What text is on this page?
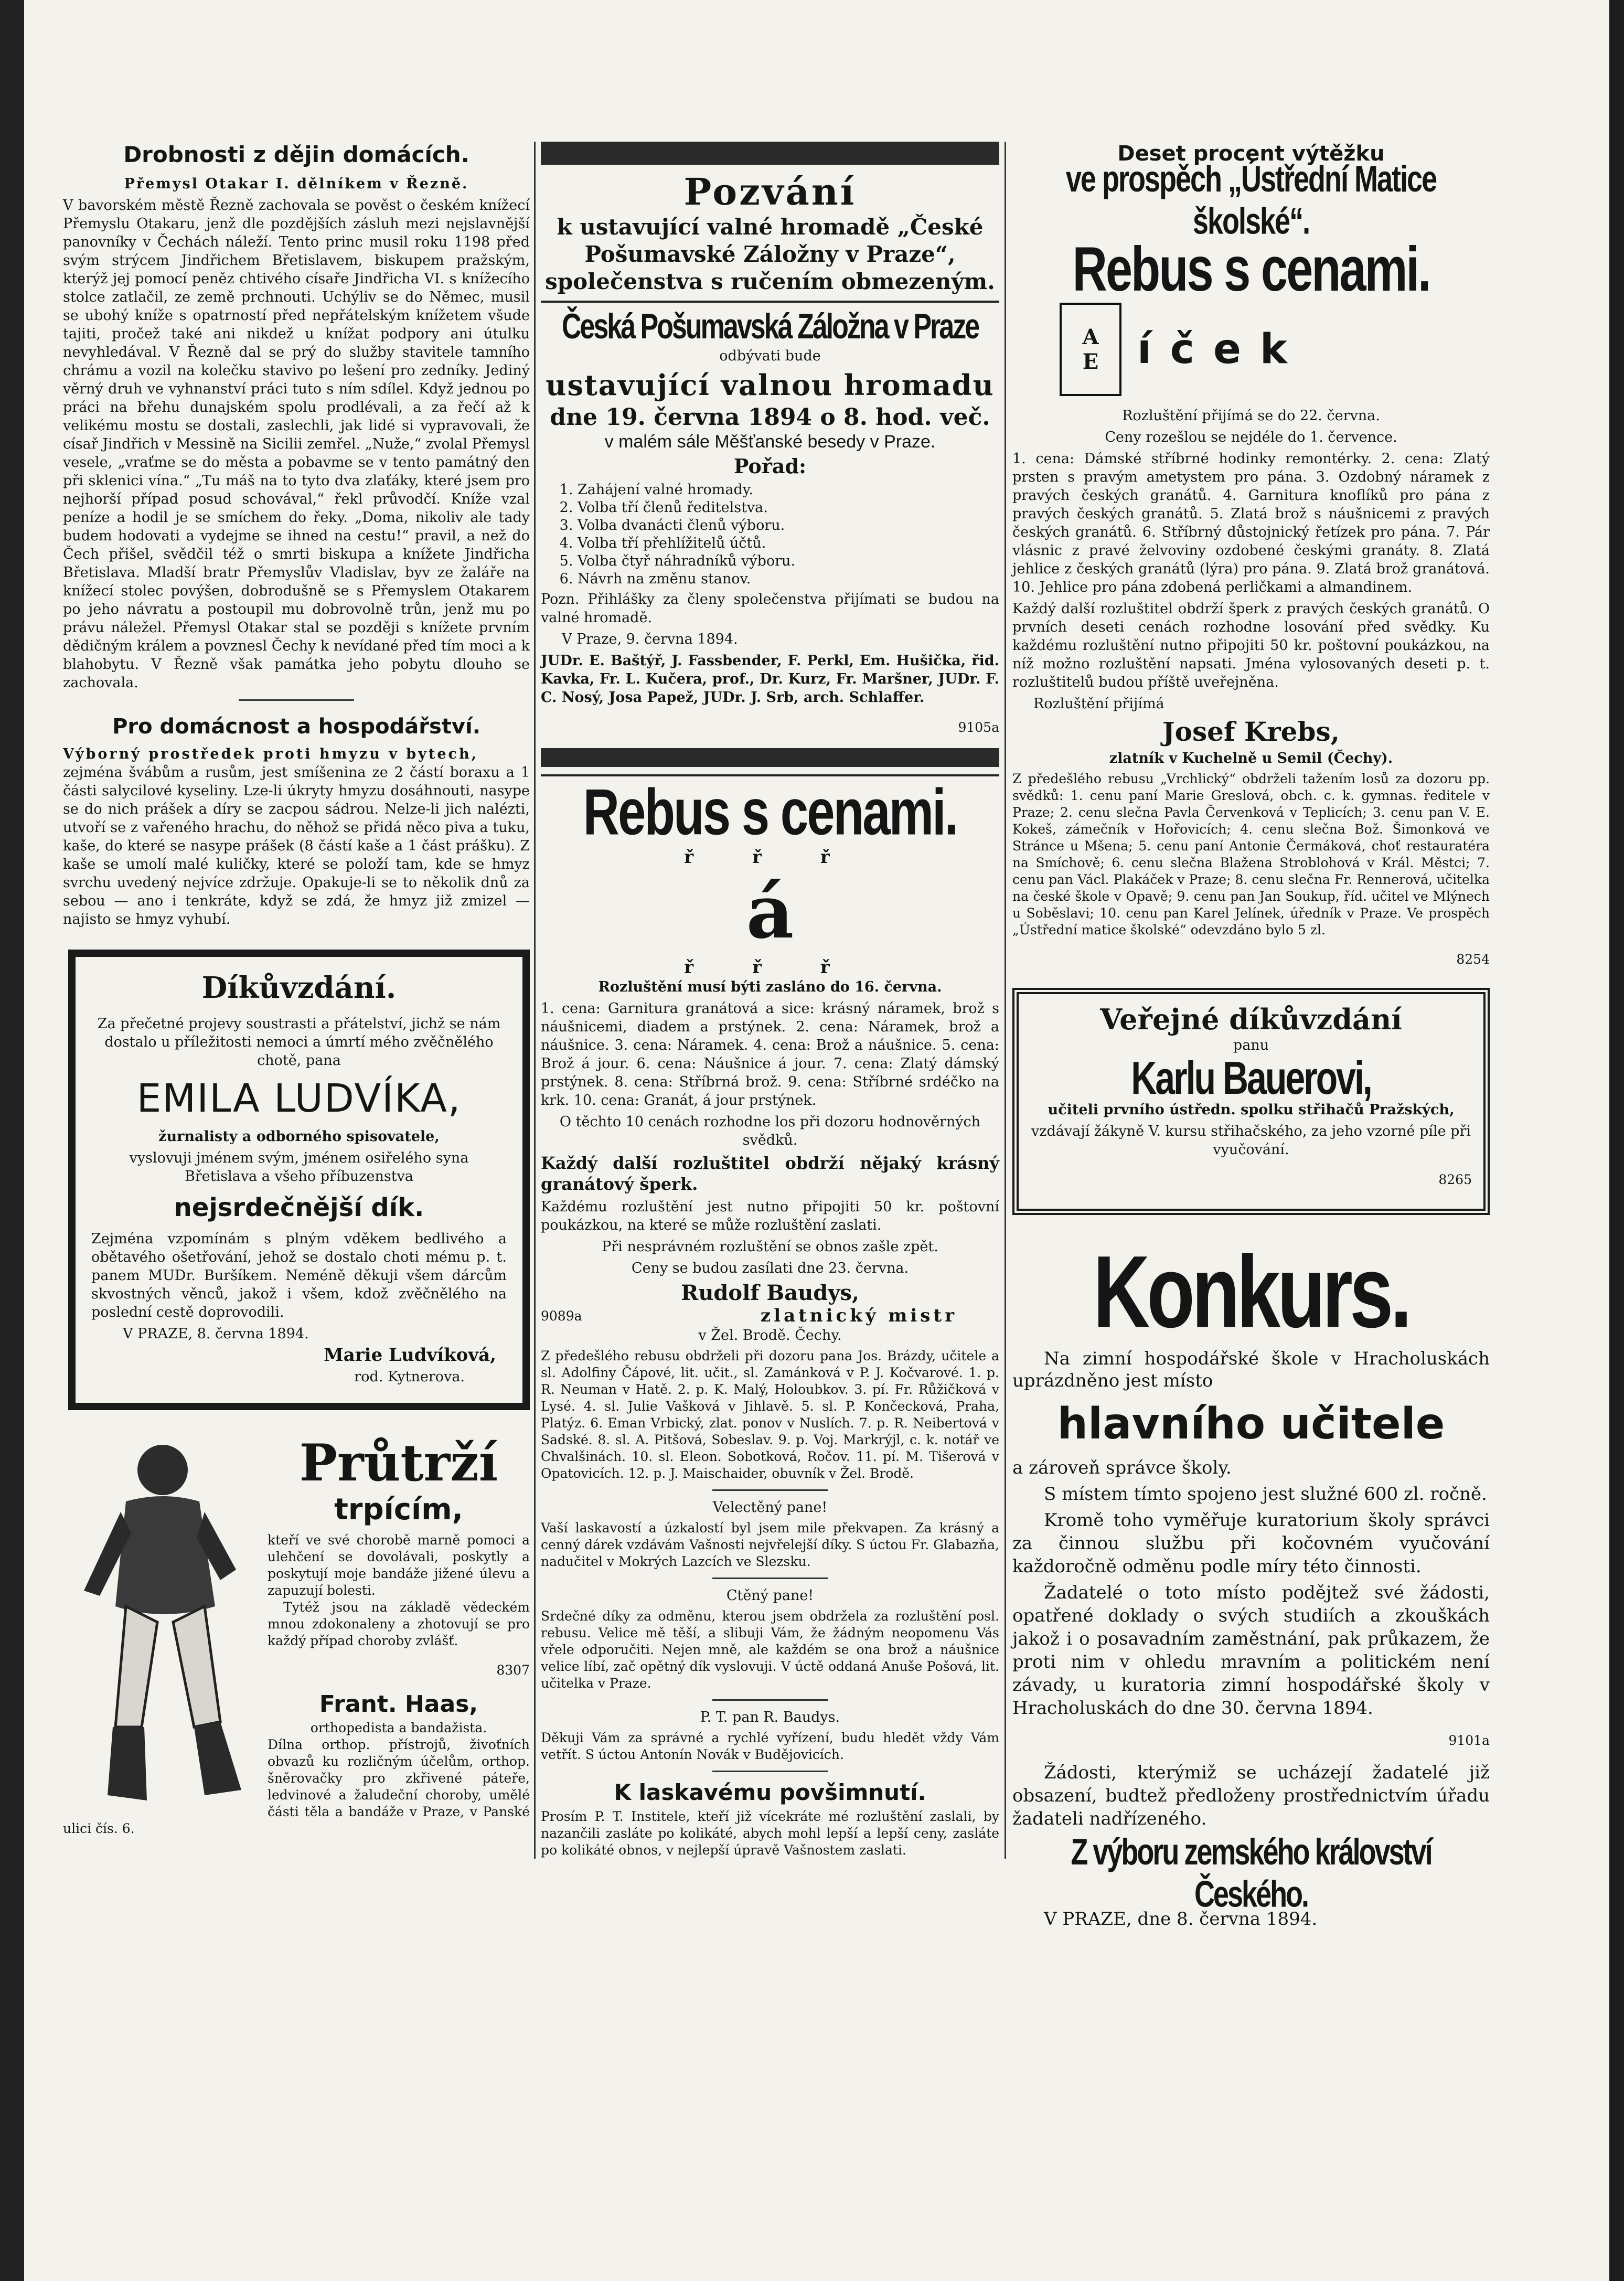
Drobnosti z dějin domácích.

Přemysl Otakar I. dělníkem v Řezně.

V bavorském městě Řezně zachovala se pověst o českém knížecí Přemyslu Otakaru, jenž dle pozdějších zásluh mezi nejslavnější panovníky v Čechách náleží. Tento princ musil roku 1198 před svým strýcem Jindřichem Břetislavem, biskupem pražským, kterýž jej pomocí peněz chtivého císaře Jindřicha VI. s knížecího stolce zatlačil, ze země prchnouti. Uchýliv se do Němec, musil se ubohý kníže s opatrností před nepřátelským knížetem všude tajiti, pročež také ani nikdež u knížat podpory ani útulku nevyhledával. V Řezně dal se prý do služby stavitele tamního chrámu a vozil na kolečku stavivo po lešení pro zedníky. Jediný věrný druh ve vyhnanství práci tuto s ním sdílel. Když jednou po práci na břehu dunajském spolu prodlévali, a za řečí až k velikému mostu se dostali, zaslechli, jak lidé si vypravovali, že císař Jindřich v Messině na Sicilii zemřel. „Nuže,“ zvolal Přemysl vesele, „vraťme se do města a pobavme se v tento památný den při sklenici vína.“ „Tu máš na to tyto dva zlaťáky, které jsem pro nejhorší případ posud schovával,“ řekl průvodčí. Kníže vzal peníze a hodil je se smíchem do řeky. „Doma, nikoliv ale tady budem hodovati a vydejme se ihned na cestu!“ pravil, a než do Čech přišel, svědčil též o smrti biskupa a knížete Jindřicha Břetislava. Mladší bratr Přemyslův Vladislav, byv ze žaláře na knížecí stolec povýšen, dobrodušně se s Přemyslem Otakarem po jeho návratu a postoupil mu dobrovolně trůn, jenž mu po právu náležel. Přemysl Otakar stal se později s knížete prvním dědičným králem a povznesl Čechy k nevídané před tím moci a k blahobytu. V Řezně však památka jeho pobytu dlouho se zachovala.

Pro domácnost a hospodářství.

Výborný prostředek proti hmyzu v bytech,

zejména švábům a rusům, jest smíšenina ze 2 částí boraxu a 1 části salycilové kyseliny. Lze-li úkryty hmyzu dosáhnouti, nasype se do nich prášek a díry se zacpou sádrou. Nelze-li jich nalézti, utvoří se z vařeného hrachu, do něhož se přidá něco piva a tuku, kaše, do které se nasype prášek (8 částí kaše a 1 část prášku). Z kaše se umolí malé kuličky, které se položí tam, kde se hmyz svrchu uvedený nejvíce zdržuje. Opakuje-li se to několik dnů za sebou — ano i tenkráte, když se zdá, že hmyz již zmizel — najisto se hmyz vyhubí.

Díkůvzdání.

Za přečetné projevy soustrasti a přátelství, jichž se nám dostalo u příležitosti nemoci a úmrtí mého zvěčnělého chotě, pana

EMILA LUDVÍKA,

žurnalisty a odborného spisovatele,

vyslovuji jménem svým, jménem osiřelého syna Břetislava a všeho příbuzenstva

nejsrdečnější dík.

Zejména vzpomínám s plným vděkem bedlivého a obětavého ošetřování, jehož se dostalo choti mému p. t. panem MUDr. Buršíkem. Neméně děkuji všem dárcům skvostných věnců, jakož i všem, kdož zvěčnělého na poslední cestě doprovodili.

V PRAZE, 8. června 1894.

Marie Ludvíková,

rod. Kytnerova.

Průtrží
trpícím,

kteří ve své chorobě marně pomoci a ulehčení se dovolávali, poskytly a poskytují moje bandáže jižené úlevu a zapuzují bolesti.

Tytéž jsou na základě vědeckém mnou zdokonaleny a zhotovují se pro každý případ choroby zvlášť.

8307

Frant. Haas,

orthopedista a bandažista.

Dílna orthop. přístrojů, živoťních obvazů ku rozličným účelům, orthop. šněrovačky pro zkřivené páteře, ledvinové a žaludeční choroby, umělé části těla a bandáže v Praze, v Panské ulici čís. 6.

Pozvání

k ustavující valné hromadě „České Pošumavské Záložny v Praze“, společenstva s ručením obmezeným.

Česká Pošumavská Záložna v Praze

odbývati bude

ustavující valnou hromadu
dne 19. června 1894 o 8. hod. več.

v malém sále Měšťanské besedy v Praze.

Pořad:
1. Zahájení valné hromady.
2. Volba tří členů ředitelstva.
3. Volba dvanácti členů výboru.
4. Volba tří přehlížitelů účtů.
5. Volba čtyř náhradníků výboru.
6. Návrh na změnu stanov.

Pozn. Přihlášky za členy společenstva přijímati se budou na valné hromadě.

V Praze, 9. června 1894.

JUDr. E. Baštýř, J. Fassbender, F. Perkl, Em. Hušička, řid. Kavka, Fr. L. Kučera, prof., Dr. Kurz, Fr. Maršner, JUDr. F. C. Nosý, Josa Papež, JUDr. J. Srb, arch. Schlaffer.

9105a

Rebus s cenami.
ř ř ř
á
ř ř ř

Rozluštění musí býti zasláno do 16. června.

1. cena: Garnitura granátová a sice: krásný náramek, brož s náušnicemi, diadem a prstýnek. 2. cena: Náramek, brož a náušnice. 3. cena: Náramek. 4. cena: Brož a náušnice. 5. cena: Brož á jour. 6. cena: Náušnice á jour. 7. cena: Zlatý dámský prstýnek. 8. cena: Stříbrná brož. 9. cena: Stříbrné srdéčko na krk. 10. cena: Granát, á jour prstýnek.

O těchto 10 cenách rozhodne los při dozoru hodnověrných svědků.

Každý další rozluštitel obdrží nějaký krásný granátový šperk.

Každému rozluštění jest nutno připojiti 50 kr. poštovní poukázkou, na které se může rozluštění zaslati.

Při nesprávném rozluštění se obnos zašle zpět.

Ceny se budou zasílati dne 23. června.

Rudolf Baudys,
9089a	zlatnický mistr

v Žel. Brodě. Čechy.

Z předešlého rebusu obdrželi při dozoru pana Jos. Brázdy, učitele a sl. Adolfiny Čápové, lit. učit., sl. Zamánková v P. J. Kočvarové. 1. p. R. Neuman v Hatě. 2. p. K. Malý, Holoubkov. 3. pí. Fr. Růžičková v Lysé. 4. sl. Julie Vašková v Jihlavě. 5. sl. P. Končecková, Praha, Platýz. 6. Eman Vrbický, zlat. ponov v Nuslích. 7. p. R. Neibertová v Sadské. 8. sl. A. Pitšová, Sobeslav. 9. p. Voj. Markrýjl, c. k. notář ve Chvalšinách. 10. sl. Eleon. Sobotková, Ročov. 11. pí. M. Tišerová v Opatovicích. 12. p. J. Maischaider, obuvník v Žel. Brodě.

Velectěný pane!

Vaší laskavostí a úzkalostí byl jsem mile překvapen. Za krásný a cenný dárek vzdávám Vašnosti nejvřelejší díky. S úctou Fr. Glabazňa, nadučitel v Mokrých Lazcích ve Slezsku.

Ctěný pane!

Srdečné díky za odměnu, kterou jsem obdržela za rozluštění posl. rebusu. Velice mě těší, a slibuji Vám, že žádným neopomenu Vás vřele odporučiti. Nejen mně, ale každém se ona brož a náušnice velice líbí, zač opětný dík vyslovuji. V úctě oddaná Anuše Pošová, lit. učitelka v Praze.

P. T. pan R. Baudys.

Děkuji Vám za správné a rychlé vyřízení, budu hledět vždy Vám vetřít. S úctou Antonín Novák v Budějovicích.

K laskavému povšimnutí.

Prosím P. T. Institele, kteří již vícekráte mé rozluštění zaslali, by nazančili zasláte po kolikáté, abych mohl lepší a lepší ceny, zasláte po kolikáté obnos, v nejlepší úpravě Vašnostem zaslati.

Deset procent výtěžku
ve prospěch „Ústřední Matice školské“.
Rebus s cenami.
A
E íček

Rozluštění přijímá se do 22. června.

Ceny rozešlou se nejdéle do 1. července.

1. cena: Dámské stříbrné hodinky remontérky. 2. cena: Zlatý prsten s pravým ametystem pro pána. 3. Ozdobný náramek z pravých českých granátů. 4. Garnitura knoflíků pro pána z pravých českých granátů. 5. Zlatá brož s náušnicemi z pravých českých granátů. 6. Stříbrný důstojnický řetízek pro pána. 7. Pár vlásnic z pravé želvoviny ozdobené českými granáty. 8. Zlatá jehlice z českých granátů (lýra) pro pána. 9. Zlatá brož granátová. 10. Jehlice pro pána zdobená perličkami a almandinem.

Každý další rozluštitel obdrží šperk z pravých českých granátů. O prvních deseti cenách rozhodne losování před svědky. Ku každému rozluštění nutno připojiti 50 kr. poštovní poukázkou, na níž možno rozluštění napsati. Jména vylosovaných deseti p. t. rozluštitelů budou příště uveřejněna.

Rozluštění přijímá

Josef Krebs,

zlatník v Kuchelně u Semil (Čechy).

Z předešlého rebusu „Vrchlický“ obdrželi tažením losů za dozoru pp. svědků: 1. cenu paní Marie Greslová, obch. c. k. gymnas. ředitele v Praze; 2. cenu slečna Pavla Červenková v Teplicích; 3. cenu pan V. E. Kokeš, zámečník v Hořovicích; 4. cenu slečna Bož. Šimonková ve Stránce u Mšena; 5. cenu paní Antonie Čermáková, choť restauratéra na Smíchově; 6. cenu slečna Blažena Stroblohová v Král. Městci; 7. cenu pan Václ. Plakáček v Praze; 8. cenu slečna Fr. Rennerová, učitelka na české škole v Opavě; 9. cenu pan Jan Soukup, říd. učitel ve Mlýnech u Soběslavi; 10. cenu pan Karel Jelínek, úředník v Praze. Ve prospěch „Ústřední matice školské“ odevzdáno bylo 5 zl.

8254

Veřejné díkůvzdání

panu

Karlu Bauerovi,

učiteli prvního ústředn. spolku střihačů Pražských,

vzdávají žákyně V. kursu střihačského, za jeho vzorné píle při vyučování.

8265

Konkurs.

Na zimní hospodářské škole v Hracholuskách uprázdněno jest místo

hlavního učitele

a zároveň správce školy.

S místem tímto spojeno jest služné 600 zl. ročně.

Kromě toho vyměřuje kuratorium školy správci za činnou službu při kočovném vyučování každoročně odměnu podle míry této činnosti.

Žadatelé o toto místo podějtež své žádosti, opatřené doklady o svých studiích a zkouškách jakož i o posavadním zaměstnání, pak průkazem, že proti nim v ohledu mravním a politickém není závady, u kuratoria zimní hospodářské školy v Hracholuskách do dne 30. června 1894.

9101a

Žádosti, kterýmiž se ucházejí žadatelé již obsazení, budtež předloženy prostřednictvím úřadu žadateli nadřízeného.

Z výboru zemského království Českého.

V PRAZE, dne 8. června 1894.
